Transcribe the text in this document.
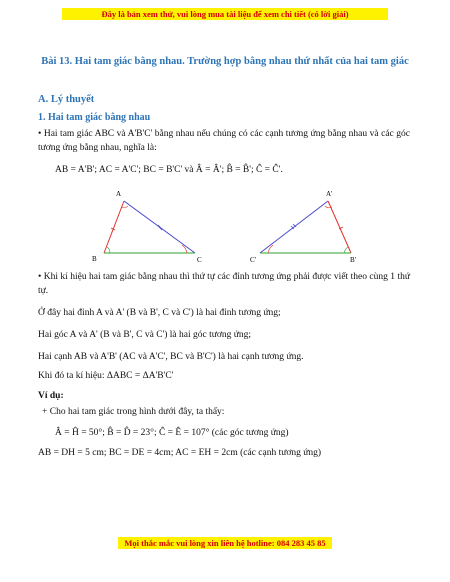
Đây là bản xem thử, vui lòng mua tài liệu để xem chi tiết (có lời giải)
Bài 13. Hai tam giác bằng nhau. Trường hợp bằng nhau thứ nhất của hai tam giác
A. Lý thuyết
1. Hai tam giác bằng nhau
• Hai tam giác ABC và A'B'C' bằng nhau nếu chúng có các cạnh tương ứng bằng nhau và các góc tương ứng bằng nhau, nghĩa là:
AB = A'B'; AC = A'C'; BC = B'C' và Â = Â'; B̂ = B̂'; Ĉ = Ĉ'.
A
B	C
A'
C'	B'
• Khi kí hiệu hai tam giác bằng nhau thì thứ tự các đỉnh tương ứng phải được viết theo cùng 1 thứ tự.
Ở đây hai đỉnh A và A' (B và B', C và C') là hai đỉnh tương ứng;
Hai góc A và A' (B và B', C và C') là hai góc tương ứng;
Hai cạnh AB và A'B' (AC và A'C', BC và B'C') là hai cạnh tương ứng.
Khi đó ta kí hiệu: ΔABC = ΔA'B'C'
Ví dụ:
+ Cho hai tam giác trong hình dưới đây, ta thấy:
Â = Ĥ = 50°; B̂ = D̂ = 23°; Ĉ = Ê = 107° (các góc tương ứng)
AB = DH = 5 cm; BC = DE = 4cm; AC = EH = 2cm (các cạnh tương ứng)
Mọi thắc mắc vui lòng xin liên hệ hotline: 084 283 45 85
